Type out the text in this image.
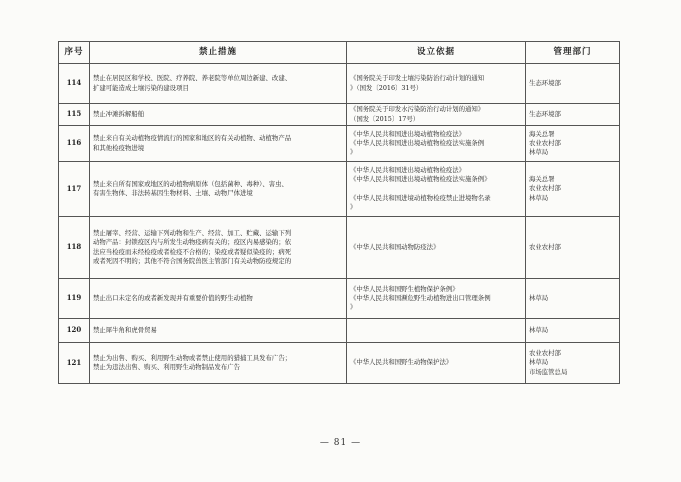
序号	禁止措施	设立依据	管理部门
114	禁止在居民区和学校、医院、疗养院、养老院等单位周边新建、改建、
扩建可能造成土壤污染的建设项目	《国务院关于印发土壤污染防治行动计划的通知
》（国发〔2016〕31号）	生态环境部

115	禁止冲滩拆解船舶	《国务院关于印发水污染防治行动计划的通知》
（国发〔2015〕17号）	生态环境部

116	禁止来自有关动植物疫情流行的国家和地区的有关动植物、动植物产品
和其他检疫物进境	《中华人民共和国进出境动植物检疫法》
《中华人民共和国进出境动植物检疫法实施条例
》	海关总署
农业农村部
林草局

117	禁止来自所有国家或地区的动植物病原体（包括菌种、毒种）、害虫、
有害生物体、非法转基因生物材料、土壤、动物尸体进境	《中华人民共和国进出境动植物检疫法》
《中华人民共和国进出境动植物检疫法实施条例》

《中华人民共和国进境动植物检疫禁止进境物名录
》	海关总署
农业农村部
林草局

118	禁止屠宰、经营、运输下列动物和生产、经营、加工、贮藏、运输下列
动物产品：封锁疫区内与所发生动物疫病有关的；疫区内易感染的；依
法应当检疫而未经检疫或者检疫不合格的；染疫或者疑似染疫的；病死
或者死因不明的；其他不符合国务院兽医主管部门有关动物防疫规定的	《中华人民共和国动物防疫法》	农业农村部

119	禁止出口未定名的或者新发现并有重要价值的野生动植物	《中华人民共和国野生植物保护条例》
《中华人民共和国濒危野生动植物进出口管理条例
》	林草局

120	禁止犀牛角和虎骨贸易		林草局

121	禁止为出售、购买、利用野生动物或者禁止使用的猎捕工具发布广告；
禁止为违法出售、购买、利用野生动物制品发布广告	《中华人民共和国野生动物保护法》	农业农村部
林草局
市场监管总局
— 81 —
